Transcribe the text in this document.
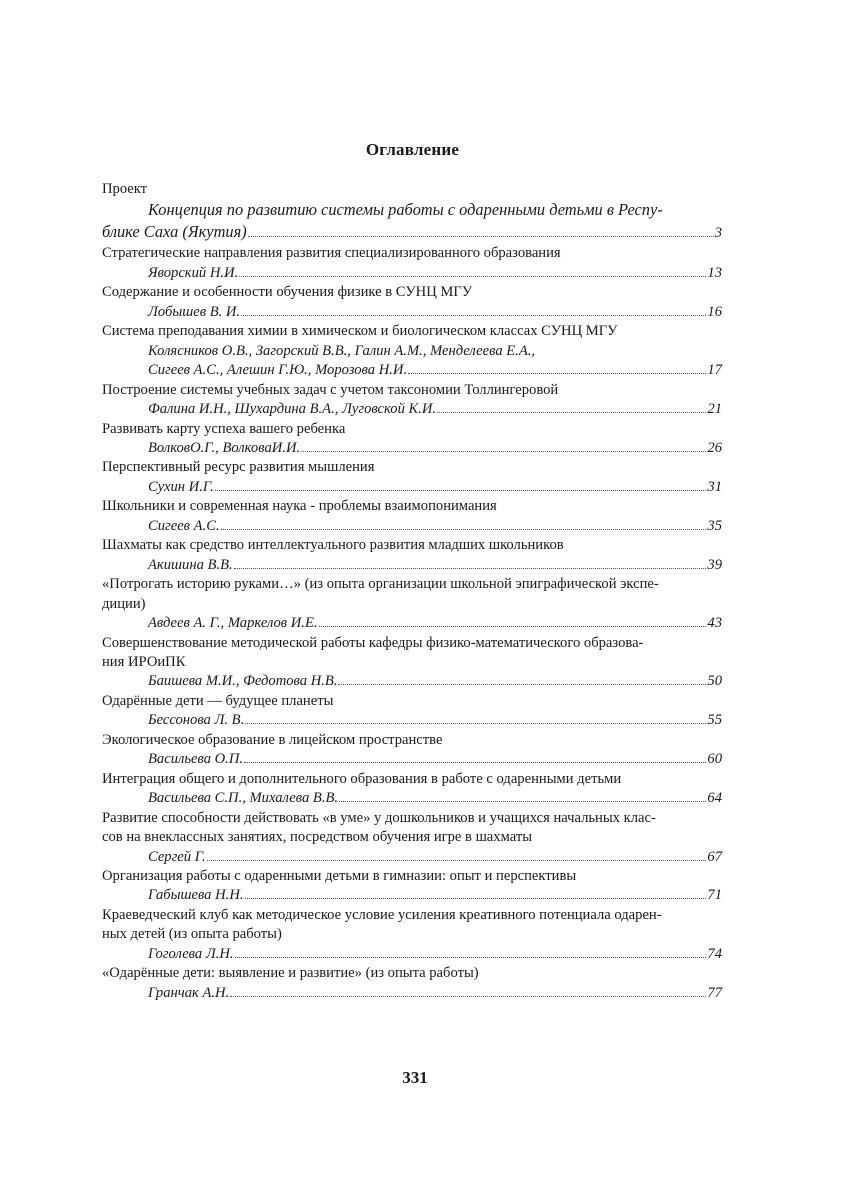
Оглавление
Проект
Концепция по развитию системы работы с одаренными детьми в Респу-
блике Саха (Якутия)	3
Стратегические направления развития специализированного образования
Яворский Н.И.	13
Содержание и особенности обучения физике в СУНЦ МГУ
Лобышев В. И.	16
Система преподавания химии в химическом и биологическом классах СУНЦ МГУ
Колясников О.В., Загорский В.В., Галин А.М., Менделеева Е.А.,
Сигеев А.С., Алешин Г.Ю., Морозова Н.И.	17
Построение системы учебных задач с учетом таксономии Толлингеровой
Фалина И.Н., Шухардина В.А., Луговской К.И.	21
Развивать карту успеха вашего ребенка
ВолковО.Г., ВолковаИ.И.	26
Перспективный ресурс развития мышления
Сухин И.Г.	31
Школьники и современная наука - проблемы взаимопонимания
Сигеев А.С.	35
Шахматы как средство интеллектуального развития младших школьников
Акишина В.В.	39
«Потрогать историю руками…» (из опыта организации школьной эпиграфической экспе-
диции)
Авдеев А. Г., Маркелов И.Е.	43
Совершенствование методической работы кафедры физико-математического образова-
ния ИРОиПК
Баишева М.И., Федотова Н.В.	50
Одарённые дети — будущее планеты
Бессонова Л. В.	55
Экологическое образование в лицейском пространстве
Васильева О.П.	60
Интеграция общего и дополнительного образования в работе с одаренными детьми
Васильева С.П., Михалева В.В.	64
Развитие способности действовать «в уме» у дошкольников и учащихся начальных клас-
сов на внеклассных занятиях, посредством обучения игре в шахматы
Сергей Г.	67
Организация работы с одаренными детьми в гимназии: опыт и перспективы
Габышева Н.Н.	71
Краеведческий клуб как методическое условие усиления креативного потенциала одарен-
ных детей (из опыта работы)
Гоголева Л.Н.	74
«Одарённые дети: выявление и развитие» (из опыта работы)
Гранчак А.Н.	77
331
